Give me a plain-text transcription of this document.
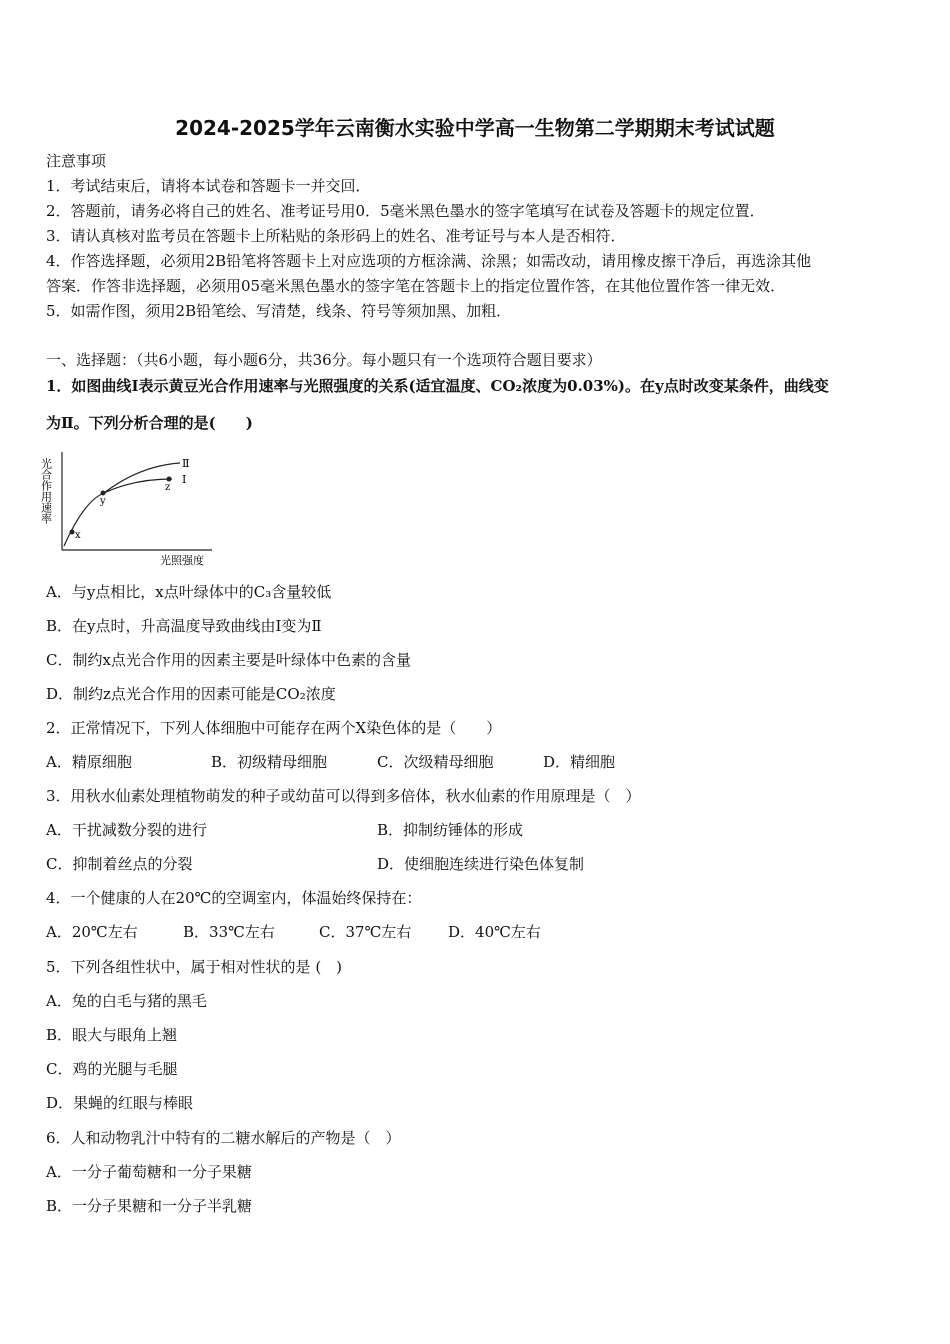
2024-2025学年云南衡水实验中学高一生物第二学期期末考试试题
注意事项
1．考试结束后，请将本试卷和答题卡一并交回．
2．答题前，请务必将自己的姓名、准考证号用0．5毫米黑色墨水的签字笔填写在试卷及答题卡的规定位置．
3．请认真核对监考员在答题卡上所粘贴的条形码上的姓名、准考证号与本人是否相符．
4．作答选择题，必须用2B铅笔将答题卡上对应选项的方框涂满、涂黑；如需改动，请用橡皮擦干净后，再选涂其他
答案．作答非选择题，必须用05毫米黑色墨水的签字笔在答题卡上的指定位置作答，在其他位置作答一律无效．
5．如需作图，须用2B铅笔绘、写清楚，线条、符号等须加黑、加粗．
一、选择题：（共6小题，每小题6分，共36分。每小题只有一个选项符合题目要求）
1．如图曲线Ⅰ表示黄豆光合作用速率与光照强度的关系(适宜温度、CO₂浓度为0.03%)。在y点时改变某条件，曲线变
为Ⅱ。下列分析合理的是(　　)
x
y
z
Ⅰ
Ⅱ
光照强度
光合作用速率
A．与y点相比，x点叶绿体中的C₃含量较低
B．在y点时，升高温度导致曲线由Ⅰ变为Ⅱ
C．制约x点光合作用的因素主要是叶绿体中色素的含量
D．制约z点光合作用的因素可能是CO₂浓度
2．正常情况下，下列人体细胞中可能存在两个X染色体的是（　　）
A．精原细胞	B．初级精母细胞	C．次级精母细胞	D．精细胞
3．用秋水仙素处理植物萌发的种子或幼苗可以得到多倍体，秋水仙素的作用原理是（　）
A．干扰减数分裂的进行	B．抑制纺锤体的形成
C．抑制着丝点的分裂	D．使细胞连续进行染色体复制
4．一个健康的人在20℃的空调室内，体温始终保持在：
A．20℃左右	B．33℃左右	C．37℃左右 D．40℃左右
5．下列各组性状中，属于相对性状的是 (　)
A．兔的白毛与猪的黑毛
B．眼大与眼角上翘
C．鸡的光腿与毛腿
D．果蝇的红眼与棒眼
6．人和动物乳汁中特有的二糖水解后的产物是（　）
A．一分子葡萄糖和一分子果糖
B．一分子果糖和一分子半乳糖
